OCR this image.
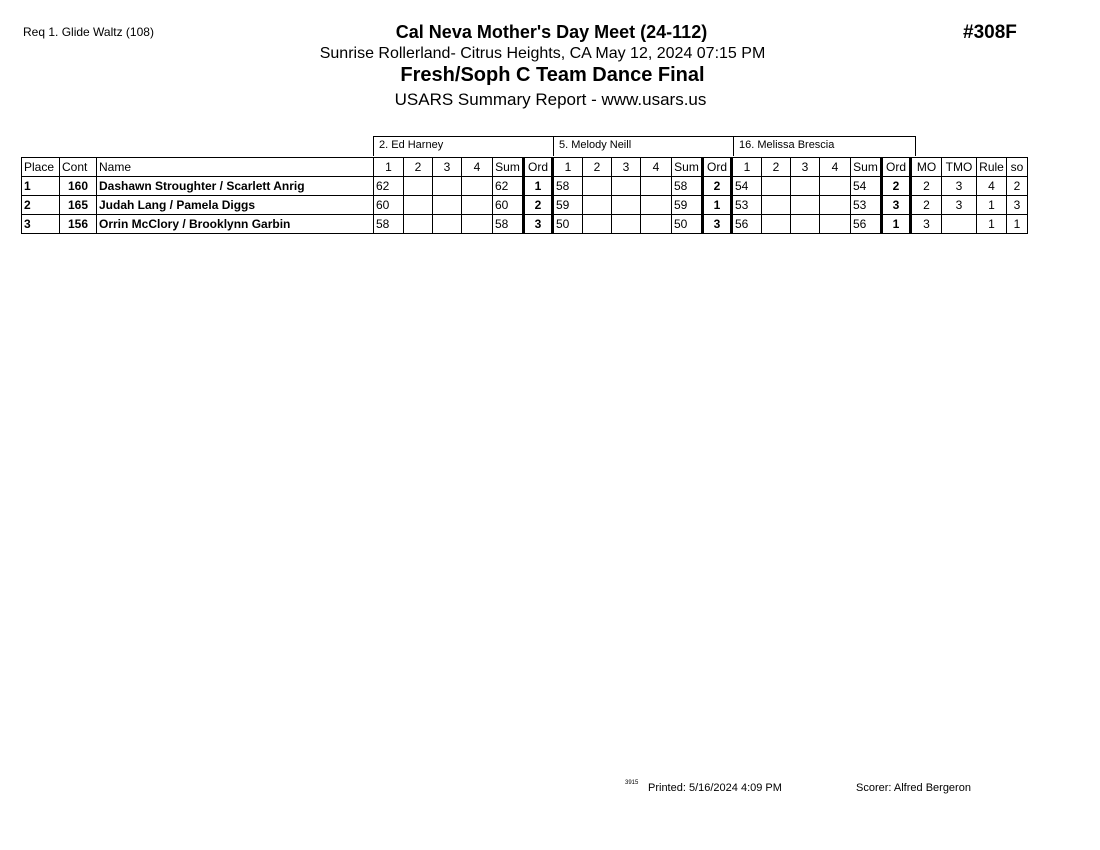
Req 1. Glide Waltz (108)	Cal Neva Mother's Day Meet (24-112)
Sunrise Rollerland- Citrus Heights, CA May 12, 2024 07:15 PM
Fresh/Soph C Team Dance Final
USARS Summary Report - www.usars.us
#308F
2. Ed Harney	5. Melody Neill	16. Melissa Brescia
Place	Cont	Name	1	2	3	4	Sum	Ord	1	2	3	4	Sum	Ord	1	2	3	4	Sum	Ord	MO	TMO	Rule	so
1	160	Dashawn Stroughter / Scarlett Anrig	62				62	1	58				58	2	54				54	2	2	3	4	2
2	165	Judah Lang / Pamela Diggs	60				60	2	59				59	1	53				53	3	2	3	1	3
3	156	Orrin McClory / Brooklynn Garbin	58				58	3	50				50	3	56				56	1	3		1	1
3915 Printed: 5/16/2024 4:09 PM	Scorer: Alfred Bergeron
